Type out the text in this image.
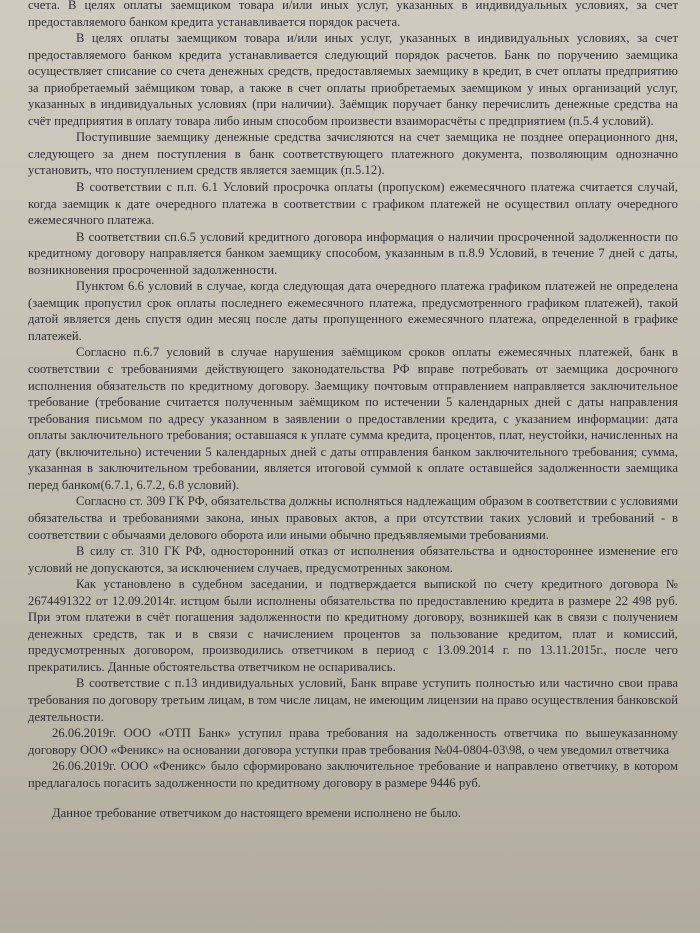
счета. В целях оплаты заемщиком товара и/или иных услуг, указанных в индивидуальных условиях, за счет предоставляемого банком кредита устанавливается порядок расчета.

В целях оплаты заемщиком товара и/или иных услуг, указанных в индивидуальных условиях, за счет предоставляемого банком кредита устанавливается следующий порядок расчетов. Банк по поручению заемщика осуществляет списание со счета денежных средств, предоставляемых заемщику в кредит, в счет оплаты предприятию за приобретаемый заёмщиком товар, а также в счет оплаты приобретаемых заемщиком у иных организаций услуг, указанных в индивидуальных условиях (при наличии). Заёмщик поручает банку перечислить денежные средства на счёт предприятия в оплату товара либо иным способом произвести взаиморасчёты с предприятием (п.5.4 условий).

Поступившие заемщику денежные средства зачисляются на счет заемщика не позднее операционного дня, следующего за днем поступления в банк соответствующего платежного документа, позволяющим однозначно установить, что поступлением средств является заемщик (п.5.12).

В соответствии с п.п. 6.1 Условий просрочка оплаты (пропуском) ежемесячного платежа считается случай, когда заемщик к дате очередного платежа в соответствии с графиком платежей не осуществил оплату очередного ежемесячного платежа.

В соответствии сп.6.5 условий кредитного договора информация о наличии просроченной задолженности по кредитному договору направляется банком заемщику способом, указанным в п.8.9 Условий, в течение 7 дней с даты, возникновения просроченной задолженности.

Пунктом 6.6 условий в случае, когда следующая дата очередного платежа графиком платежей не определена (заемщик пропустил срок оплаты последнего ежемесячного платежа, предусмотренного графиком платежей), такой датой является день спустя один месяц после даты пропущенного ежемесячного платежа, определенной в графике платежей.

Согласно п.6.7 условий в случае нарушения заёмщиком сроков оплаты ежемесячных платежей, банк в соответствии с требованиями действующего законодательства РФ вправе потребовать от заемщика досрочного исполнения обязательств по кредитному договору. Заемщику почтовым отправлением направляется заключительное требование (требование считается полученным заёмщиком по истечении 5 календарных дней с даты направления требования письмом по адресу указанном в заявлении о предоставлении кредита, с указанием информации: дата оплаты заключительного требования; оставшаяся к уплате сумма кредита, процентов, плат, неустойки, начисленных на дату (включительно) истечении 5 календарных дней с даты отправления банком заключительного требования; сумма, указанная в заключительном требовании, является итоговой суммой к оплате оставшейся задолженности заемщика перед банком(6.7.1, 6.7.2, 6.8 условий).

Согласно ст. 309 ГК РФ, обязательства должны исполняться надлежащим образом в соответствии с условиями обязательства и требованиями закона, иных правовых актов, а при отсутствии таких условий и требований - в соответствии с обычаями делового оборота или иными обычно предъявляемыми требованиями.

В силу ст. 310 ГК РФ, односторонний отказ от исполнения обязательства и одностороннее изменение его условий не допускаются, за исключением случаев, предусмотренных законом.

Как установлено в судебном заседании, и подтверждается выпиской по счету кредитного договора № 2674491322 от 12.09.2014г. истцом были исполнены обязательства по предоставлению кредита в размере 22 498 руб. При этом платежи в счёт погашения задолженности по кредитному договору, возникшей как в связи с получением денежных средств, так и в связи с начислением процентов за пользование кредитом, плат и комиссий, предусмотренных договором, производились ответчиком в период с 13.09.2014 г. по 13.11.2015г., после чего прекратились. Данные обстоятельства ответчиком не оспаривались.

В соответствие с п.13 индивидуальных условий, Банк вправе уступить полностью или частично свои права требования по договору третьим лицам, в том числе лицам, не имеющим лицензии на право осуществления банковской деятельности.

26.06.2019г. ООО «ОТП Банк» уступил права требования на задолженность ответчика по вышеуказанному договору ООО «Феникс» на основании договора уступки прав требования №04-0804-03\98, о чем уведомил ответчика

26.06.2019г. ООО «Феникс» было сформировано заключительное требование и направлено ответчику, в котором предлагалось погасить задолженности по кредитному договору в размере 9446 руб.

Данное требование ответчиком до настоящего времени исполнено не было.
